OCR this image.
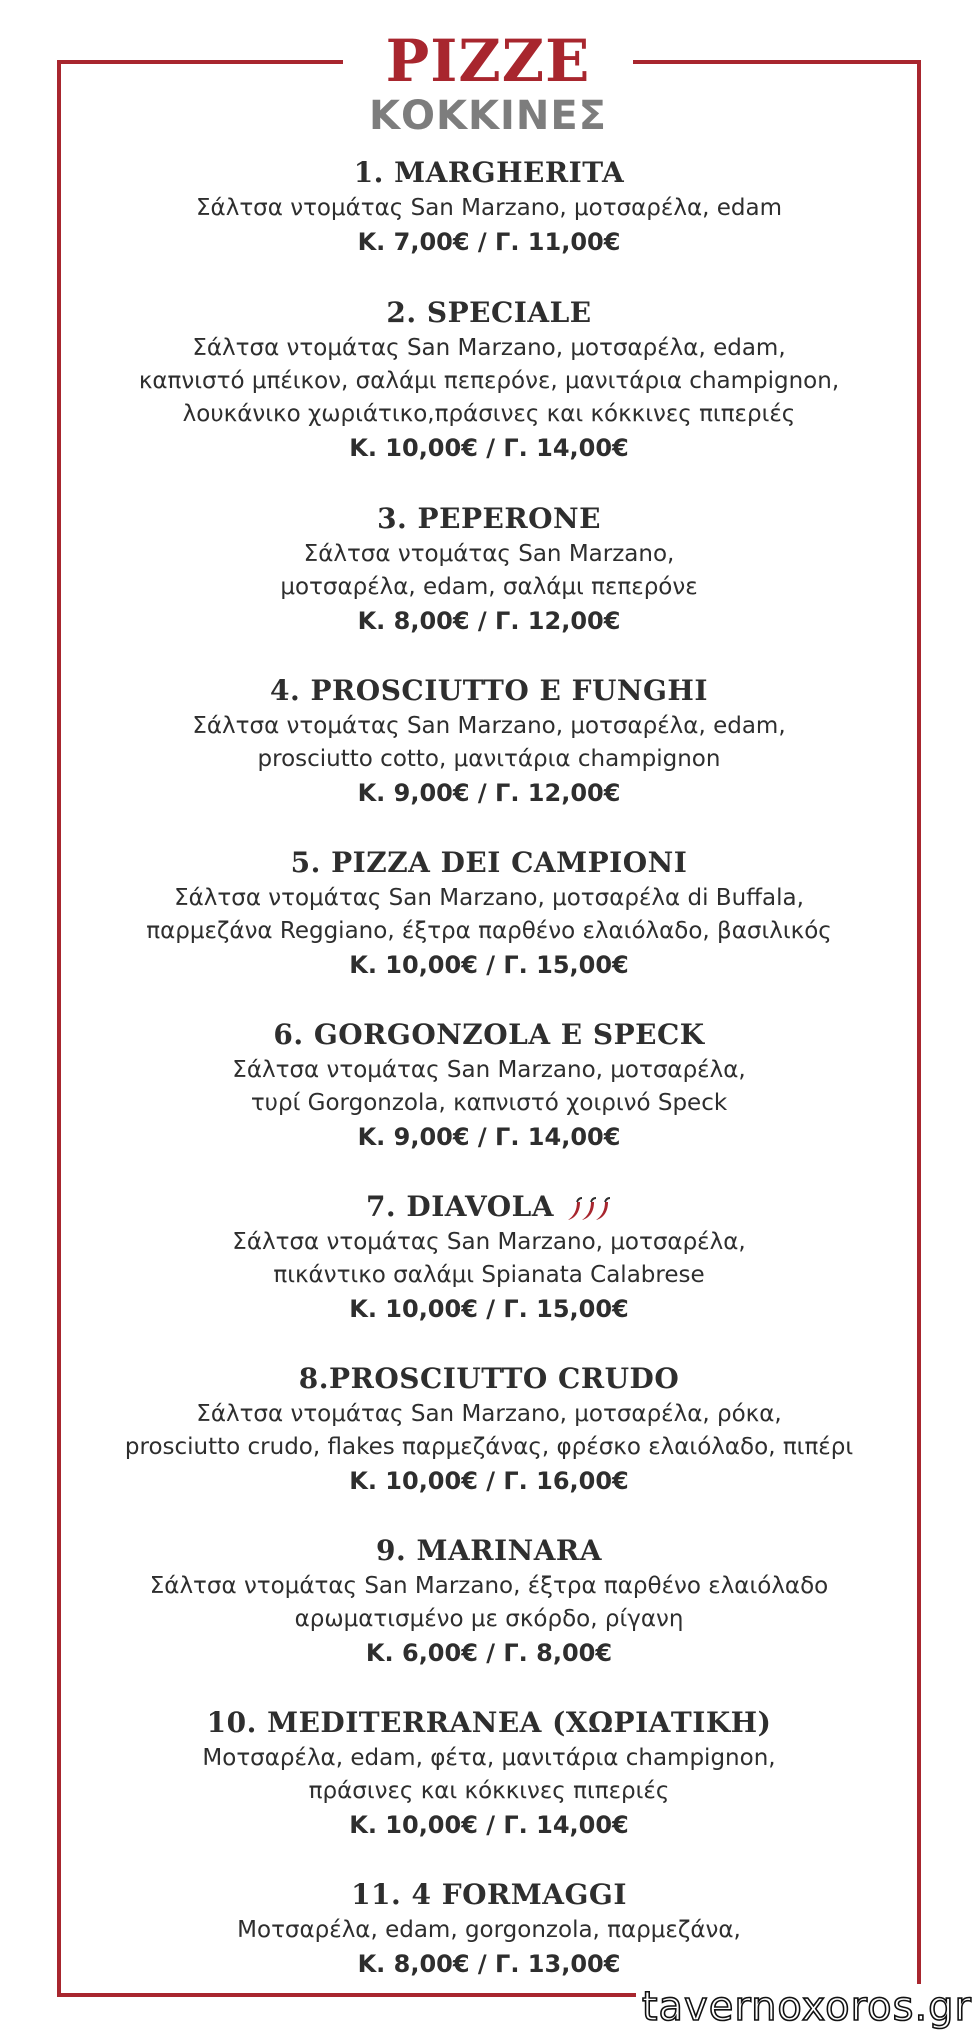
PIZZE
ΚΟΚΚΙΝΕΣ
1. MARGHERITA
Σάλτσα ντομάτας San Marzano, μοτσαρέλα, edam
Κ. 7,00€ / Γ. 11,00€
2. SPECIALE
Σάλτσα ντομάτας San Marzano, μοτσαρέλα, edam,
καπνιστό μπέικον, σαλάμι πεπερόνε, μανιτάρια champignon,
λουκάνικο χωριάτικο,πράσινες και κόκκινες πιπεριές
Κ. 10,00€ / Γ. 14,00€
3. PEPERONE
Σάλτσα ντομάτας San Marzano,
μοτσαρέλα, edam, σαλάμι πεπερόνε
Κ. 8,00€ / Γ. 12,00€
4. PROSCIUTTO E FUNGHI
Σάλτσα ντομάτας San Marzano, μοτσαρέλα, edam,
prosciutto cotto, μανιτάρια champignon
Κ. 9,00€ / Γ. 12,00€
5. PIZZA DEI CAMPIONI
Σάλτσα ντομάτας San Marzano, μοτσαρέλα di Buffala,
παρμεζάνα Reggiano, έξτρα παρθένο ελαιόλαδο, βασιλικός
Κ. 10,00€ / Γ. 15,00€
6. GORGONZOLA E SPECK
Σάλτσα ντομάτας San Marzano, μοτσαρέλα,
τυρί Gorgonzola, καπνιστό χοιρινό Speck
Κ. 9,00€ / Γ. 14,00€
7. DIAVOLA
Σάλτσα ντομάτας San Marzano, μοτσαρέλα,
πικάντικο σαλάμι Spianata Calabrese
Κ. 10,00€ / Γ. 15,00€
8.PROSCIUTTO CRUDO
Σάλτσα ντομάτας San Marzano, μοτσαρέλα, ρόκα,
prosciutto crudo, flakes παρμεζάνας, φρέσκο ελαιόλαδο, πιπέρι
Κ. 10,00€ / Γ. 16,00€
9. MARINARA
Σάλτσα ντομάτας San Marzano, έξτρα παρθένο ελαιόλαδο
αρωματισμένο με σκόρδο, ρίγανη
Κ. 6,00€ / Γ. 8,00€
10. MEDITERRANEA (ΧΩΡΙΑΤΙΚΗ)
Μοτσαρέλα, edam, φέτα, μανιτάρια champignon,
πράσινες και κόκκινες πιπεριές
Κ. 10,00€ / Γ. 14,00€
11. 4 FORMAGGI
Μοτσαρέλα, edam, gorgonzola, παρμεζάνα,
Κ. 8,00€ / Γ. 13,00€
tavernoxoros.gr
